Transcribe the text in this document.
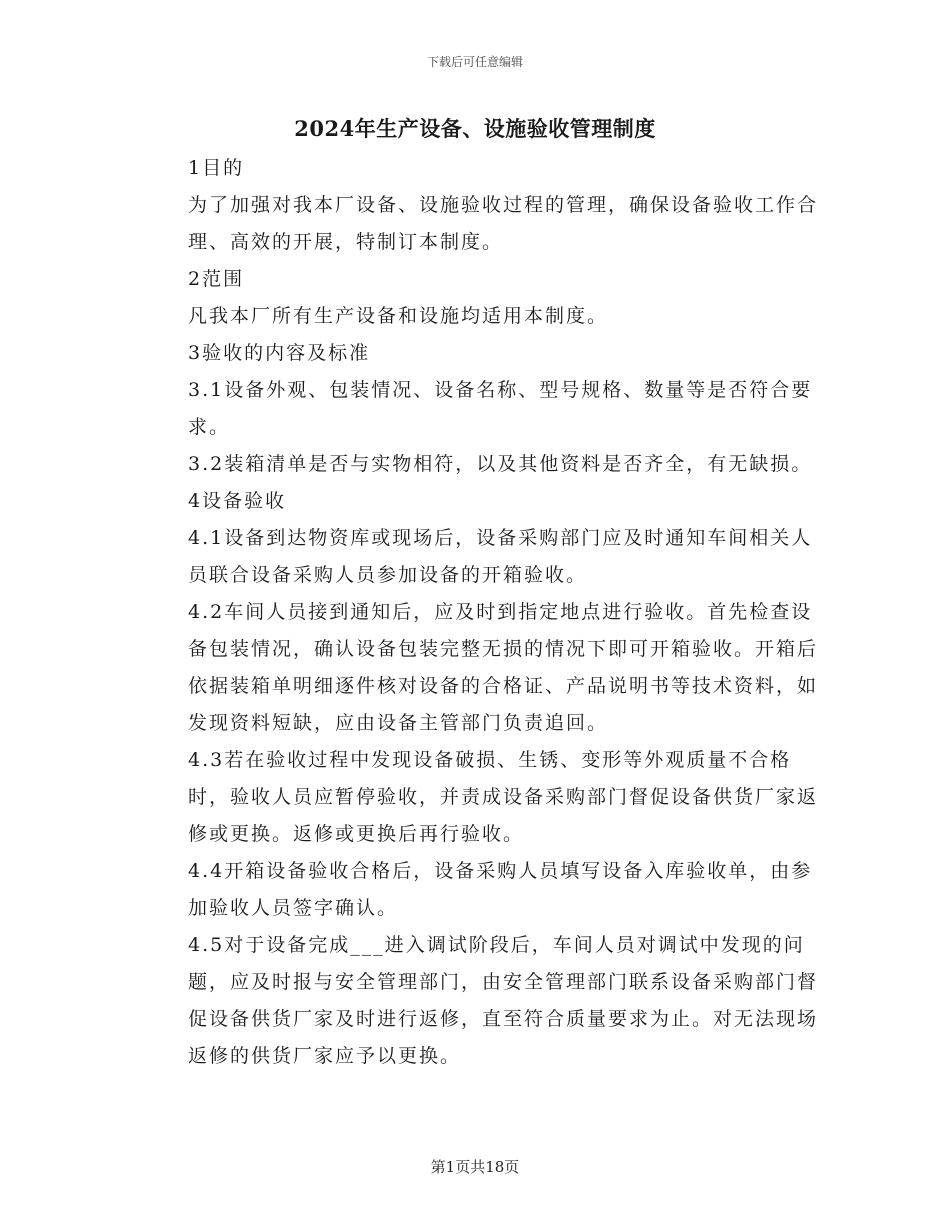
下载后可任意编辑
2024年生产设备、设施验收管理制度

1目的

为了加强对我本厂设备、设施验收过程的管理，确保设备验收工作合理、高效的开展，特制订本制度。

2范围

凡我本厂所有生产设备和设施均适用本制度。

3验收的内容及标准

3.1设备外观、包装情况、设备名称、型号规格、数量等是否符合要求。

3.2装箱清单是否与实物相符，以及其他资料是否齐全，有无缺损。

4设备验收

4.1设备到达物资库或现场后，设备采购部门应及时通知车间相关人员联合设备采购人员参加设备的开箱验收。

4.2车间人员接到通知后，应及时到指定地点进行验收。首先检查设备包装情况，确认设备包装完整无损的情况下即可开箱验收。开箱后依据装箱单明细逐件核对设备的合格证、产品说明书等技术资料，如发现资料短缺，应由设备主管部门负责追回。

4.3若在验收过程中发现设备破损、生锈、变形等外观质量不合格时，验收人员应暂停验收，并责成设备采购部门督促设备供货厂家返修或更换。返修或更换后再行验收。

4.4开箱设备验收合格后，设备采购人员填写设备入库验收单，由参加验收人员签字确认。

4.5对于设备完成___进入调试阶段后，车间人员对调试中发现的问题，应及时报与安全管理部门，由安全管理部门联系设备采购部门督促设备供货厂家及时进行返修，直至符合质量要求为止。对无法现场返修的供货厂家应予以更换。

第1页共18页
